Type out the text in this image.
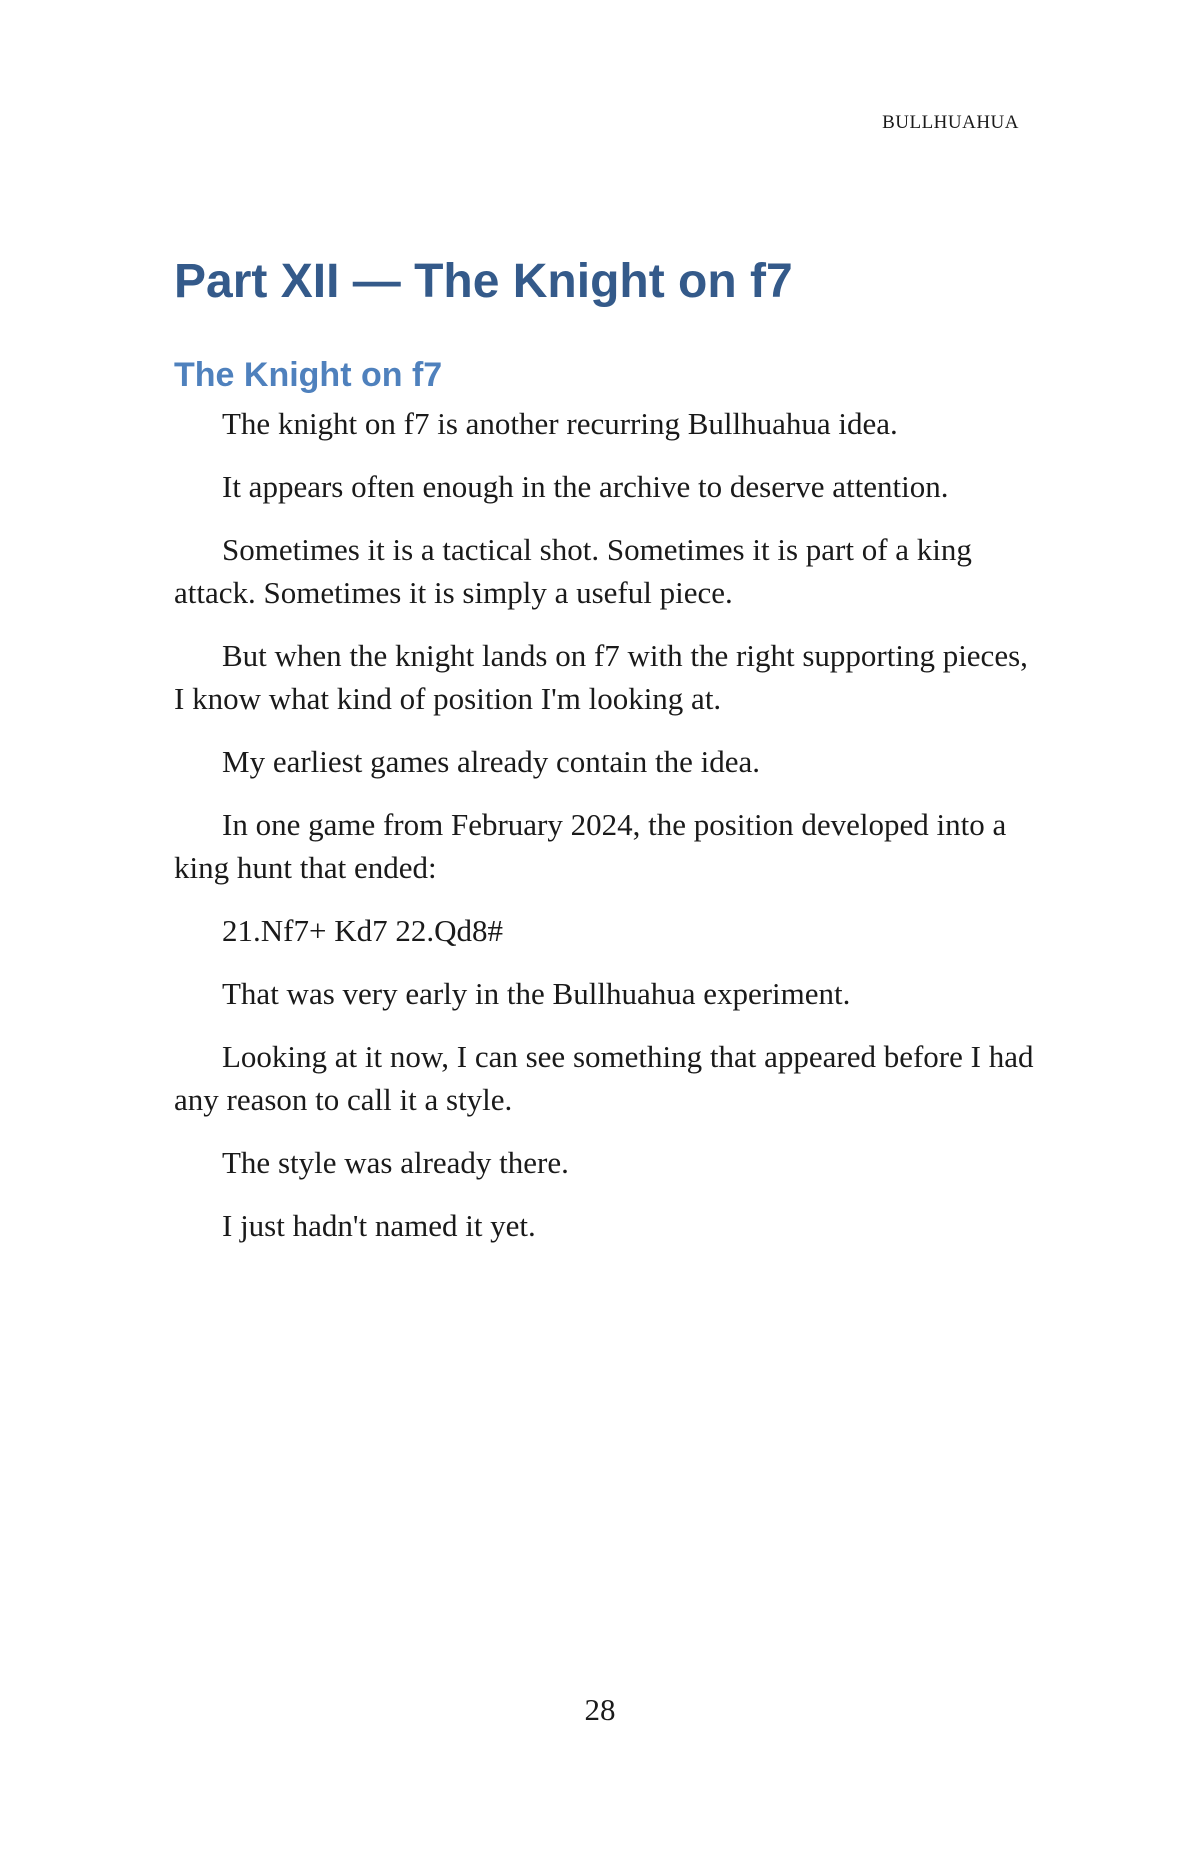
BULLHUAHUA
Part XII — The Knight on f7
The Knight on f7

The knight on f7 is another recurring Bullhuahua idea.

It appears often enough in the archive to deserve attention.

Sometimes it is a tactical shot. Sometimes it is part of a king attack. Sometimes it is simply a useful piece.

But when the knight lands on f7 with the right supporting pieces, I know what kind of position I'm looking at.

My earliest games already contain the idea.

In one game from February 2024, the position developed into a king hunt that ended:

21.Nf7+ Kd7 22.Qd8#

That was very early in the Bullhuahua experiment.

Looking at it now, I can see something that appeared before I had any reason to call it a style.

The style was already there.

I just hadn't named it yet.

28
